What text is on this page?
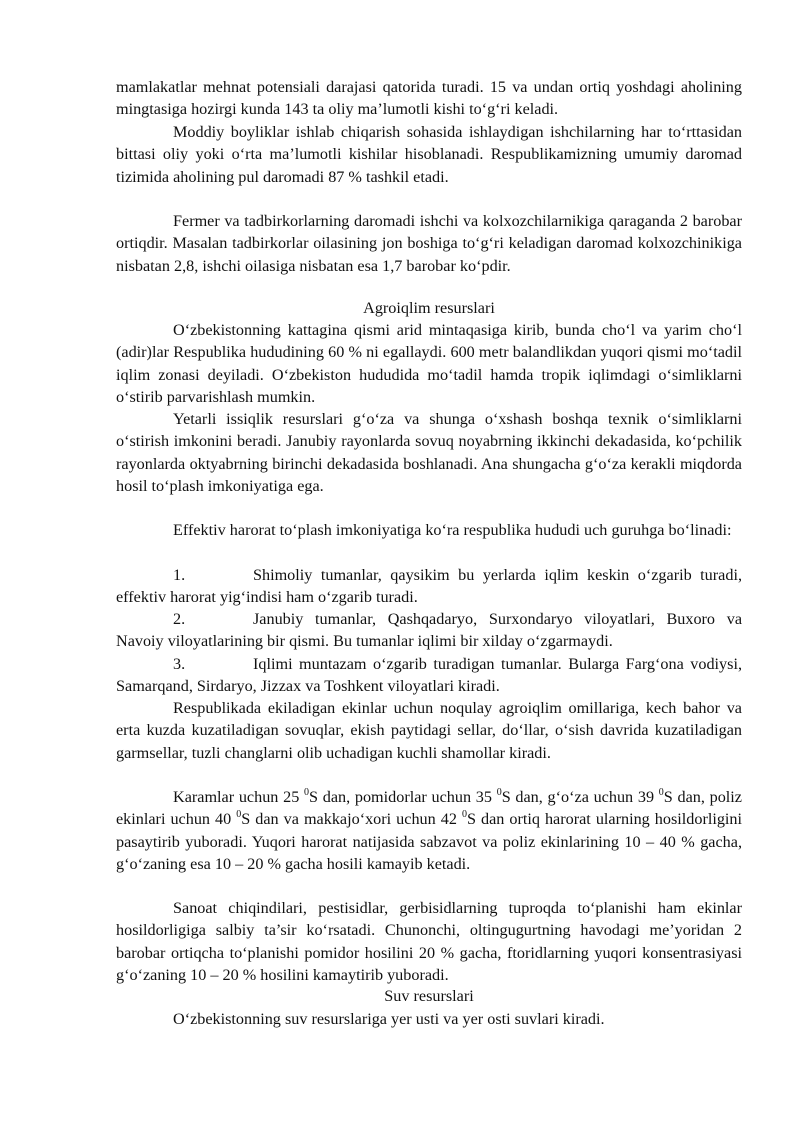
mamlakatlar mehnat potensiali darajasi qatorida turadi. 15 va undan ortiq yoshdagi aholining mingtasiga hozirgi kunda 143 ta oliy ma’lumotli kishi to‘g‘ri keladi.

Moddiy boyliklar ishlab chiqarish sohasida ishlaydigan ishchilarning har to‘rttasidan bittasi oliy yoki o‘rta ma’lumotli kishilar hisoblanadi. Respublikamizning umumiy daromad tizimida aholining pul daromadi 87 % tashkil etadi.

Fermer va tadbirkorlarning daromadi ishchi va kolxozchilarnikiga qaraganda 2 barobar ortiqdir. Masalan tadbirkorlar oilasining jon boshiga to‘g‘ri keladigan daromad kolxozchinikiga nisbatan 2,8, ishchi oilasiga nisbatan esa 1,7 barobar ko‘pdir.

Agroiqlim resurslari

O‘zbekistonning kattagina qismi arid mintaqasiga kirib, bunda cho‘l va yarim cho‘l (adir)lar Respublika hududining 60 % ni egallaydi. 600 metr balandlikdan yuqori qismi mo‘tadil iqlim zonasi deyiladi. O‘zbekiston hududida mo‘tadil hamda tropik iqlimdagi o‘simliklarni o‘stirib parvarishlash mumkin.

Yetarli issiqlik resurslari g‘o‘za va shunga o‘xshash boshqa texnik o‘simliklarni o‘stirish imkonini beradi. Janubiy rayonlarda sovuq noyabrning ikkinchi dekadasida, ko‘pchilik rayonlarda oktyabrning birinchi dekadasida boshlanadi. Ana shungacha g‘o‘za kerakli miqdorda hosil to‘plash imkoniyatiga ega.

Effektiv harorat to‘plash imkoniyatiga ko‘ra respublika hududi uch guruhga bo‘linadi:

1.	Shimoliy tumanlar, qaysikim bu yerlarda iqlim keskin o‘zgarib turadi, effektiv harorat yig‘indisi ham o‘zgarib turadi.

2.	Janubiy tumanlar, Qashqadaryo, Surxondaryo viloyatlari, Buxoro va Navoiy viloyatlarining bir qismi. Bu tumanlar iqlimi bir xilday o‘zgarmaydi.

3.	Iqlimi muntazam o‘zgarib turadigan tumanlar. Bularga Farg‘ona vodiysi, Samarqand, Sirdaryo, Jizzax va Toshkent viloyatlari kiradi.

Respublikada ekiladigan ekinlar uchun noqulay agroiqlim omillariga, kech bahor va erta kuzda kuzatiladigan sovuqlar, ekish paytidagi sellar, do‘llar, o‘sish davrida kuzatiladigan garmsellar, tuzli changlarni olib uchadigan kuchli shamollar kiradi.

Karamlar uchun 25 $^0$S dan, pomidorlar uchun 35 $^0$S dan, g‘o‘za uchun 39 $^0$S dan, poliz ekinlari uchun 40 $^0$S dan va makkajo‘xori uchun 42 $^0$S dan ortiq harorat ularning hosildorligini pasaytirib yuboradi. Yuqori harorat natijasida sabzavot va poliz ekinlarining 10 – 40 % gacha, g‘o‘zaning esa 10 – 20 % gacha hosili kamayib ketadi.

Sanoat chiqindilari, pestisidlar, gerbisidlarning tuproqda to‘planishi ham ekinlar hosildorligiga salbiy ta’sir ko‘rsatadi. Chunonchi, oltingugurtning havodagi me’yoridan 2 barobar ortiqcha to‘planishi pomidor hosilini 20 % gacha, ftoridlarning yuqori konsentrasiyasi g‘o‘zaning 10 – 20 % hosilini kamaytirib yuboradi.

Suv resurslari

O‘zbekistonning suv resurslariga yer usti va yer osti suvlari kiradi.
